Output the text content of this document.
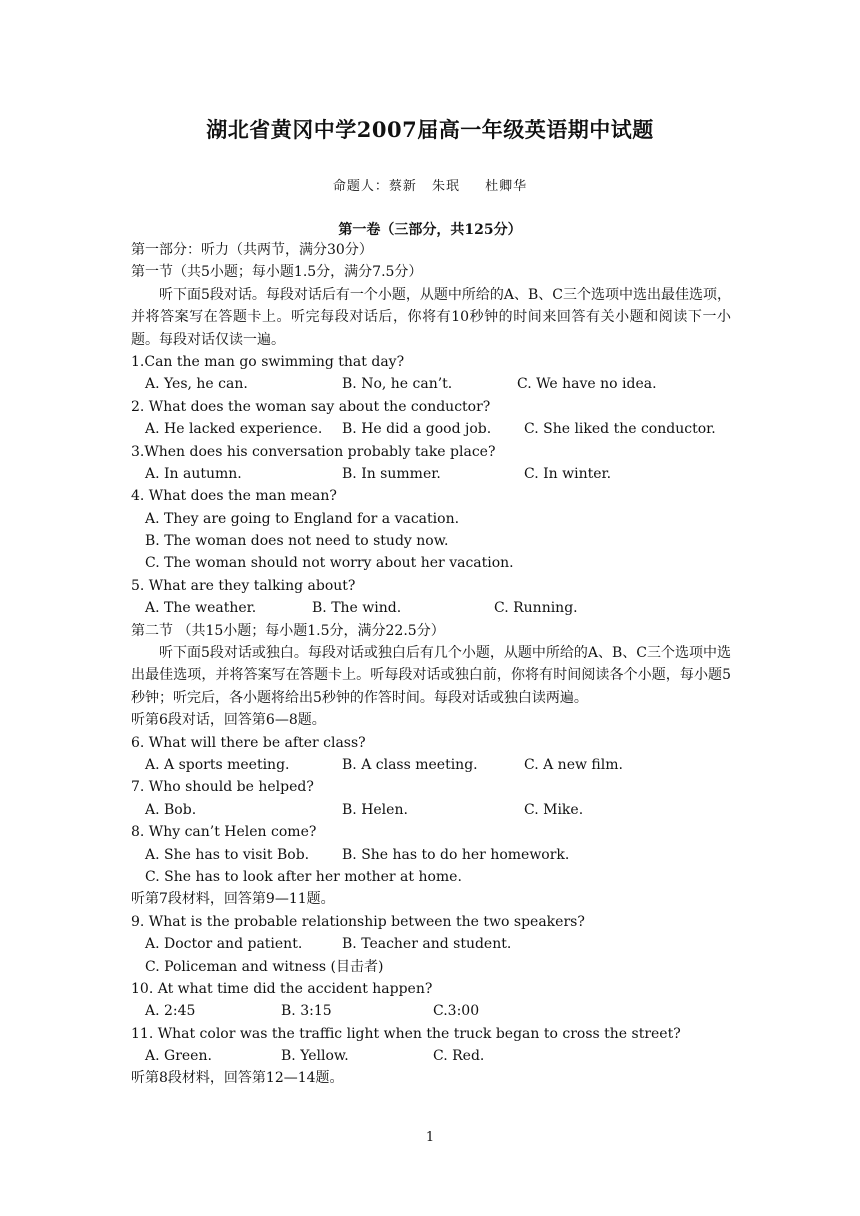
湖北省黄冈中学2007届高一年级英语期中试题
命题人：蔡新 朱珉 杜卿华
第一卷（三部分，共125分）
第一部分：听力（共两节，满分30分）
第一节（共5小题；每小题1.5分，满分7.5分）
听下面5段对话。每段对话后有一个小题，从题中所给的A、B、C三个选项中选出最佳选项，并将答案写在答题卡上。听完每段对话后，你将有10秒钟的时间来回答有关小题和阅读下一小题。每段对话仅读一遍。
1.Can the man go swimming that day?
A. Yes, he can.	B. No, he can’t.	C. We have no idea.
2. What does the woman say about the conductor?
A. He lacked experience. B. He did a good job. C. She liked the conductor.
3.When does his conversation probably take place?
A. In autumn.	B. In summer.	C. In winter.
4. What does the man mean?
A. They are going to England for a vacation.
B. The woman does not need to study now.
C. The woman should not worry about her vacation.
5. What are they talking about?
A. The weather.	B. The wind.	C. Running.
第二节 （共15小题；每小题1.5分，满分22.5分）
听下面5段对话或独白。每段对话或独白后有几个小题，从题中所给的A、B、C三个选项中选出最佳选项，并将答案写在答题卡上。听每段对话或独白前，你将有时间阅读各个小题，每小题5秒钟；听完后，各小题将给出5秒钟的作答时间。每段对话或独白读两遍。
听第6段对话，回答第6—8题。
6. What will there be after class?
A. A sports meeting.	B. A class meeting.	C. A new film.
7. Who should be helped?
A. Bob.	B. Helen.	C. Mike.
8. Why can’t Helen come?
A. She has to visit Bob. B. She has to do her homework.
C. She has to look after her mother at home.
听第7段材料，回答第9—11题。
9. What is the probable relationship between the two speakers?
A. Doctor and patient.	B. Teacher and student.
C. Policeman and witness (目击者)
10. At what time did the accident happen?
A. 2:45	B. 3:15	C.3:00
11. What color was the traffic light when the truck began to cross the street?
A. Green.	B. Yellow.	C. Red.
听第8段材料，回答第12—14题。
1
